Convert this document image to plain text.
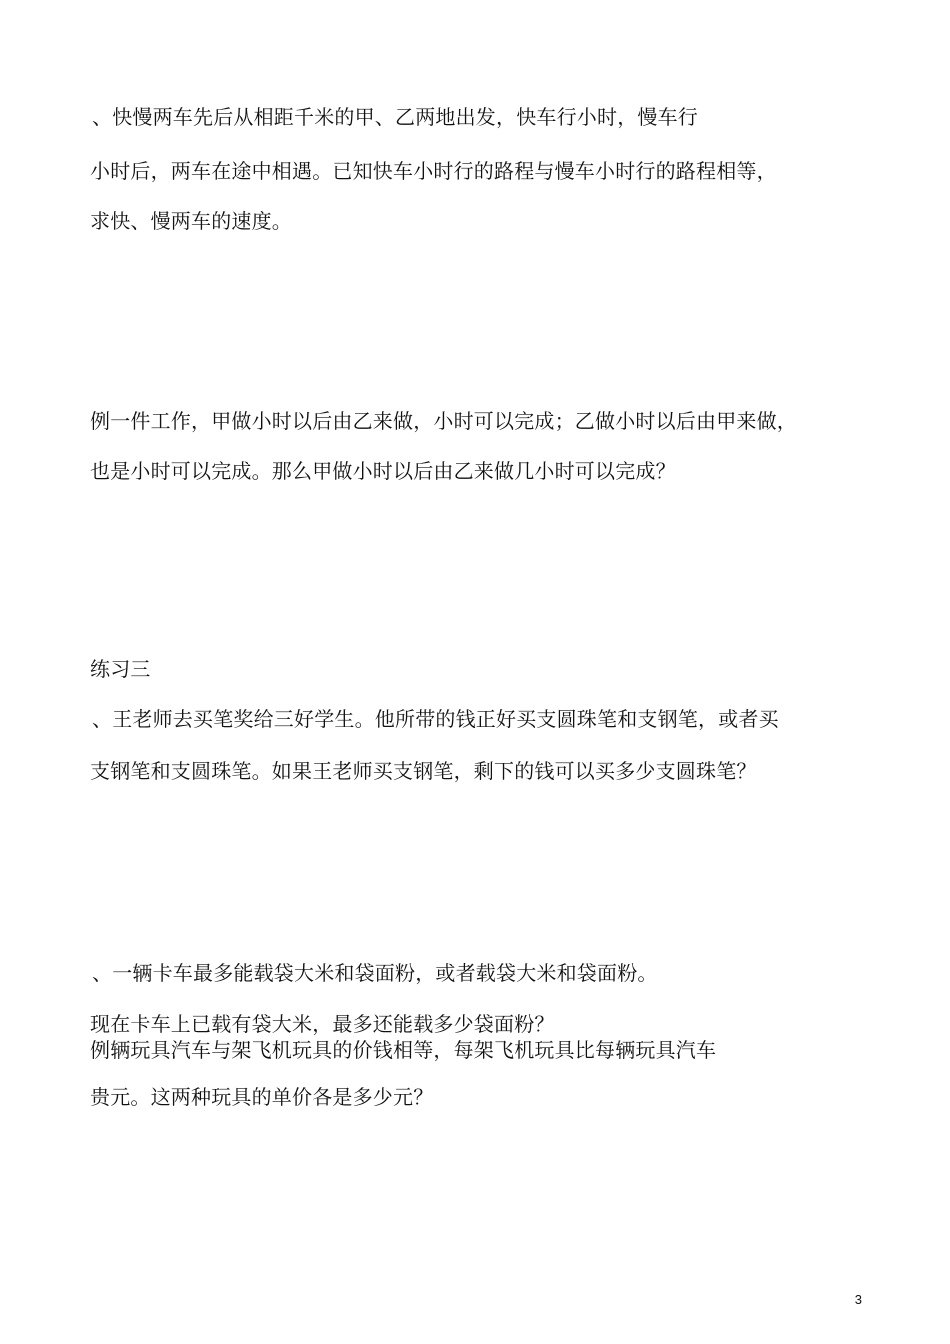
、快慢两车先后从相距千米的甲、乙两地出发，快车行小时，慢车行
小时后，两车在途中相遇。已知快车小时行的路程与慢车小时行的路程相等，
求快、慢两车的速度。
例一件工作，甲做小时以后由乙来做，小时可以完成；乙做小时以后由甲来做，
也是小时可以完成。那么甲做小时以后由乙来做几小时可以完成？
练习三
、王老师去买笔奖给三好学生。他所带的钱正好买支圆珠笔和支钢笔，或者买
支钢笔和支圆珠笔。如果王老师买支钢笔，剩下的钱可以买多少支圆珠笔？
、一辆卡车最多能载袋大米和袋面粉，或者载袋大米和袋面粉。
现在卡车上已载有袋大米，最多还能载多少袋面粉？
例辆玩具汽车与架飞机玩具的价钱相等，每架飞机玩具比每辆玩具汽车
贵元。这两种玩具的单价各是多少元？
3
